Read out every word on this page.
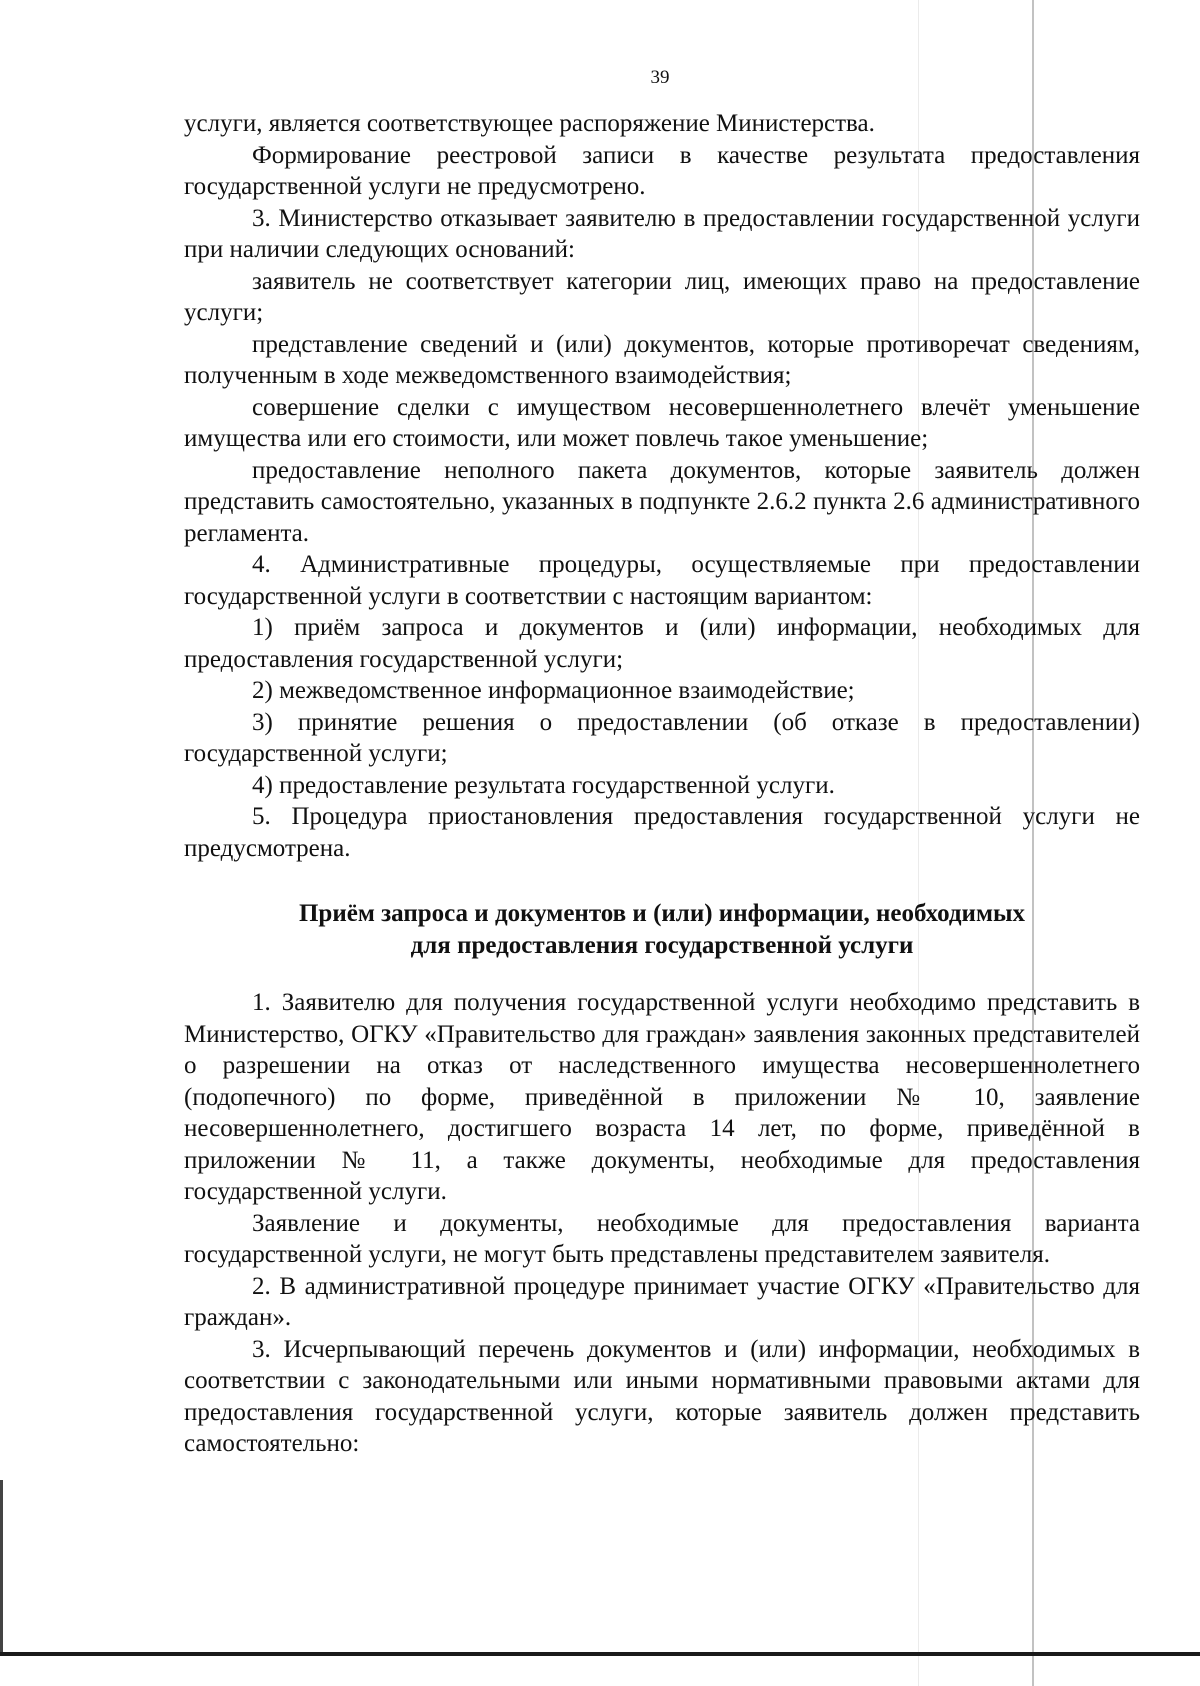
39

услуги, является соответствующее распоряжение Министерства.

Формирование реестровой записи в качестве результата предоставления государственной услуги не предусмотрено.

3. Министерство отказывает заявителю в предоставлении государственной услуги при наличии следующих оснований:

заявитель не соответствует категории лиц, имеющих право на предоставление услуги;

представление сведений и (или) документов, которые противоречат сведениям, полученным в ходе межведомственного взаимодействия;

совершение сделки с имуществом несовершеннолетнего влечёт уменьшение имущества или его стоимости, или может повлечь такое уменьшение;

предоставление неполного пакета документов, которые заявитель должен представить самостоятельно, указанных в подпункте 2.6.2 пункта 2.6 административного регламента.

4. Административные процедуры, осуществляемые при предоставлении государственной услуги в соответствии с настоящим вариантом:

1) приём запроса и документов и (или) информации, необходимых для предоставления государственной услуги;

2) межведомственное информационное взаимодействие;

3) принятие решения о предоставлении (об отказе в предоставлении) государственной услуги;

4) предоставление результата государственной услуги.

5. Процедура приостановления предоставления государственной услуги не предусмотрена.

Приём запроса и документов и (или) информации, необходимых
для предоставления государственной услуги

1. Заявителю для получения государственной услуги необходимо представить в Министерство, ОГКУ «Правительство для граждан» заявления законных представителей о разрешении на отказ от наследственного имущества несовершеннолетнего (подопечного) по форме, приведённой в приложении № 10, заявление несовершеннолетнего, достигшего возраста 14 лет, по форме, приведённой в приложении № 11, а также документы, необходимые для предоставления государственной услуги.

Заявление и документы, необходимые для предоставления варианта государственной услуги, не могут быть представлены представителем заявителя.

2. В административной процедуре принимает участие ОГКУ «Правительство для граждан».

3. Исчерпывающий перечень документов и (или) информации, необходимых в соответствии с законодательными или иными нормативными правовыми актами для предоставления государственной услуги, которые заявитель должен представить самостоятельно:
